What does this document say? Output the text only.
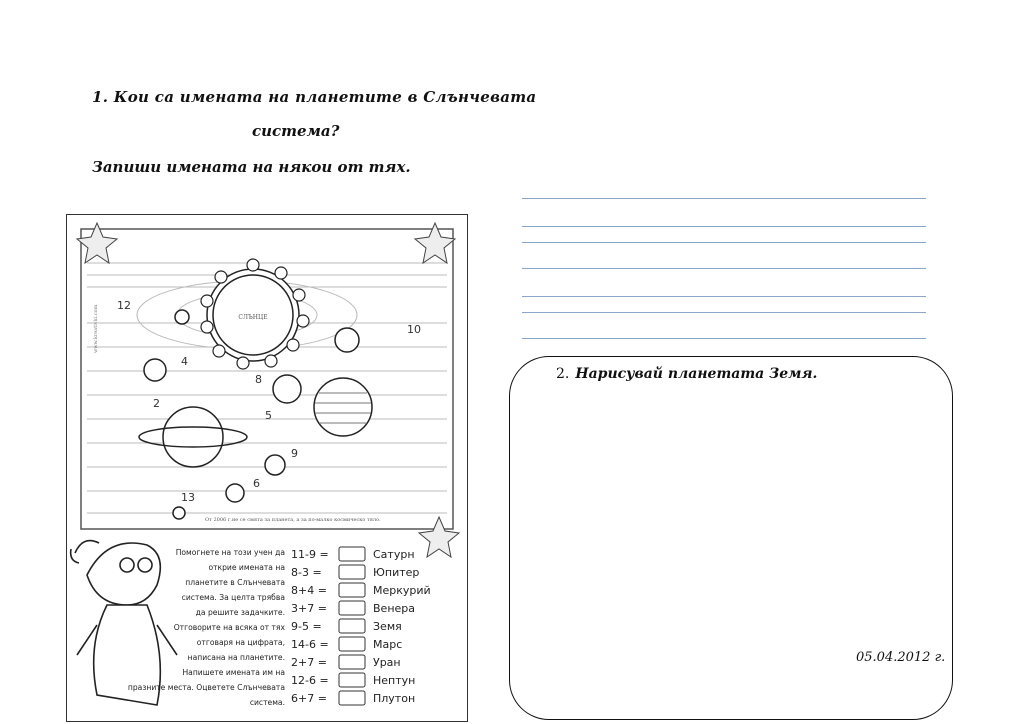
1. Кои са имената на планетите в Слънчевата
система?
Запиши имената на някои от тях.
СЛЪНЦЕ
12
10
4
8
2
5
9
6
13
www.kreativki.com
От 2006 г.не се смята за планета, а за по-малко космическо тяло.
Помогнете на този учен да
открие имената на
планетите в Слънчевата
система. За целта трябва
да решите задачките.
Отговорите на всяка от тях
отговаря на цифрата,
написана на планетите.
Напишете имената им на
празните места. Оцветете Слънчевата
система.
11-9 =
8-3 =
8+4 =
3+7 =
9-5 =
14-6 =
2+7 =
12-6 =
6+7 =
Сатурн
Юпитер
Меркурий
Венера
Земя
Марс
Уран
Нептун
Плутон
2. Нарисувай планетата Земя.
05.04.2012 г.
